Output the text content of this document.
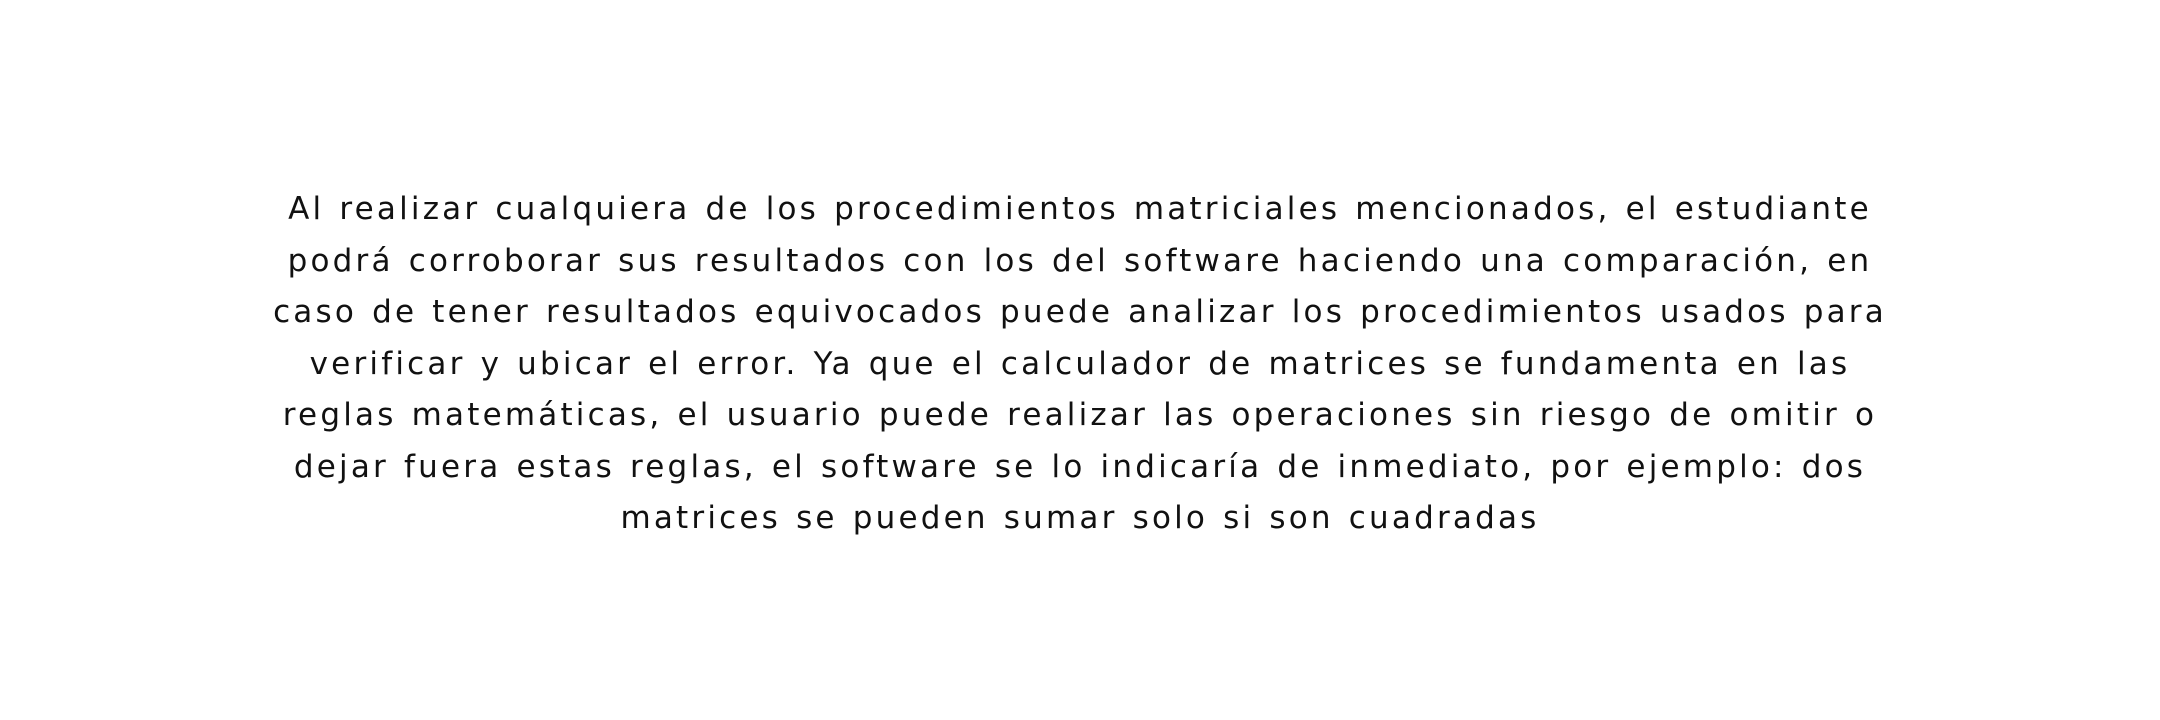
Al realizar cualquiera de los procedimientos matriciales mencionados, el estudiante
podrá corroborar sus resultados con los del software haciendo una comparación, en
caso de tener resultados equivocados puede analizar los procedimientos usados para
verificar y ubicar el error. Ya que el calculador de matrices se fundamenta en las
reglas matemáticas, el usuario puede realizar las operaciones sin riesgo de omitir o
dejar fuera estas reglas, el software se lo indicaría de inmediato, por ejemplo: dos
matrices se pueden sumar solo si son cuadradas
